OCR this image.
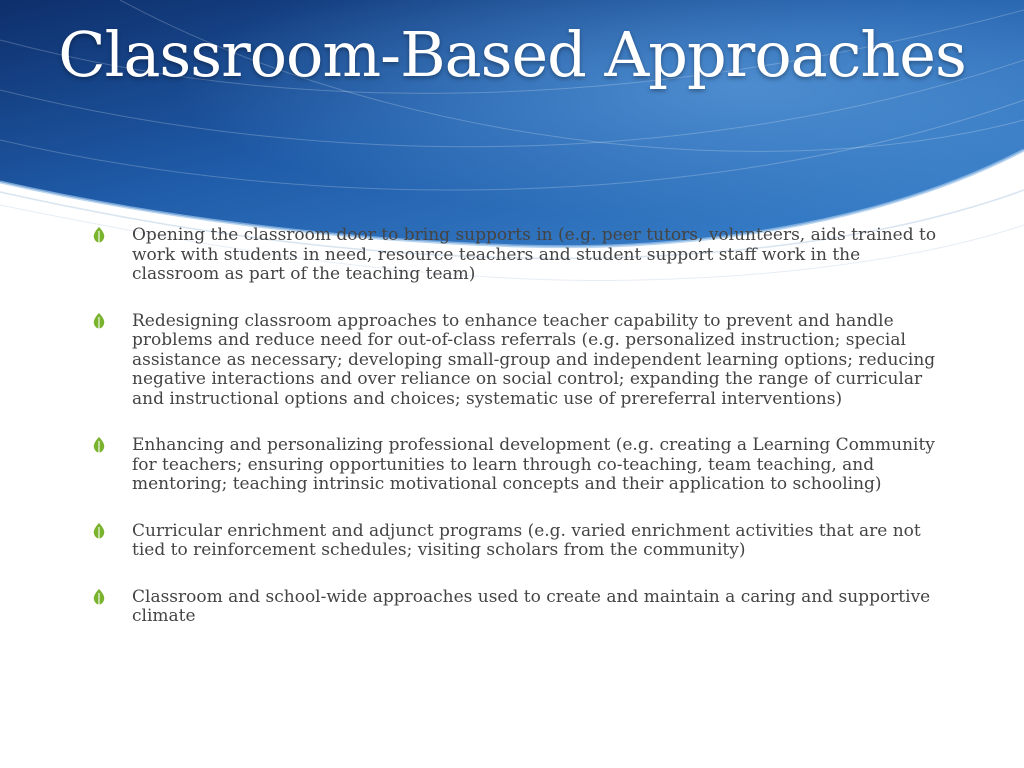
Classroom-Based Approaches
Opening the classroom door to bring supports in (e.g. peer tutors, volunteers, aids trained to work with students in need, resource teachers and student support staff work in the classroom as part of the teaching team)
Redesigning classroom approaches to enhance teacher capability to prevent and handle problems and reduce need for out-of-class referrals (e.g. personalized instruction; special assistance as necessary; developing small-group and independent learning options; reducing negative interactions and over reliance on social control; expanding the range of curricular and instructional options and choices; systematic use of prereferral interventions)
Enhancing and personalizing professional development (e.g. creating a Learning Community for teachers; ensuring opportunities to learn through co-teaching, team teaching, and mentoring; teaching intrinsic motivational concepts and their application to schooling)
Curricular enrichment and adjunct programs (e.g. varied enrichment activities that are not tied to reinforcement schedules; visiting scholars from the community)
Classroom and school-wide approaches used to create and maintain a caring and supportive climate
